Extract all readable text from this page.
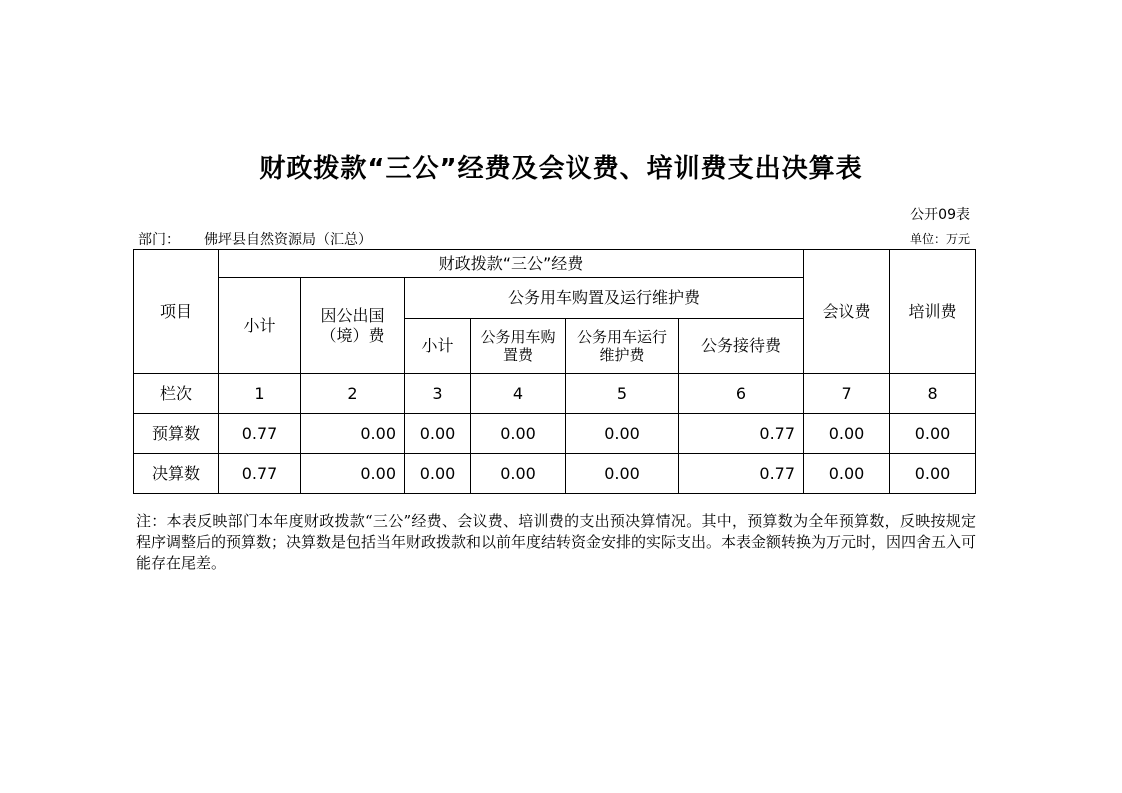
财政拨款“三公”经费及会议费、培训费支出决算表
公开09表
部门： 佛坪县自然资源局（汇总）	单位：万元
项目	财政拨款“三公”经费						会议费	培训费
	小计	因公出国（境）费	公务用车购置及运行维护费					
			小计	公务用车购置费	公务用车运行维护费	公务接待费		
栏次	1	2	3	4	5	6	7	8
预算数	0.77	0.00	0.00	0.00	0.00	0.77	0.00	0.00
决算数	0.77	0.00	0.00	0.00	0.00	0.77	0.00	0.00
注：本表反映部门本年度财政拨款“三公”经费、会议费、培训费的支出预决算情况。其中，预算数为全年预算数，反映按规定程序调整后的预算数；决算数是包括当年财政拨款和以前年度结转资金安排的实际支出。本表金额转换为万元时，因四舍五入可能存在尾差。
